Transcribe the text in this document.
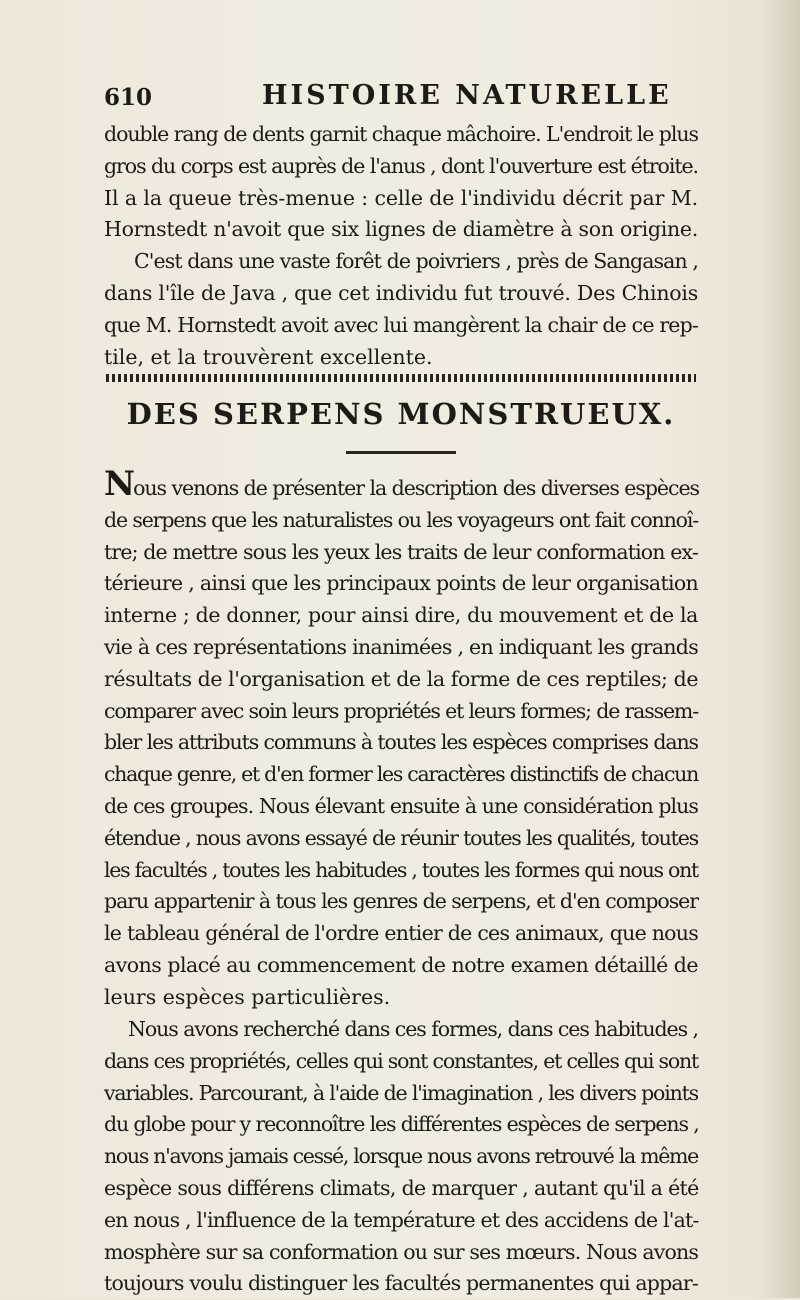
610	HISTOIRE NATURELLE

double rang de dents garnit chaque mâchoire. L'endroit le plus
gros du corps est auprès de l'anus , dont l'ouverture est étroite.
Il a la queue très-menue : celle de l'individu décrit par M.
Hornstedt n'avoit que six lignes de diamètre à son origine.
C'est dans une vaste forêt de poivriers , près de Sangasan ,
dans l'île de Java , que cet individu fut trouvé. Des Chinois
que M. Hornstedt avoit avec lui mangèrent la chair de ce rep-
tile, et la trouvèrent excellente.

DES SERPENS MONSTRUEUX.

Nous venons de présenter la description des diverses espèces
de serpens que les naturalistes ou les voyageurs ont fait connoî-
tre; de mettre sous les yeux les traits de leur conformation ex-
térieure , ainsi que les principaux points de leur organisation
interne ; de donner, pour ainsi dire, du mouvement et de la
vie à ces représentations inanimées , en indiquant les grands
résultats de l'organisation et de la forme de ces reptiles; de
comparer avec soin leurs propriétés et leurs formes; de rassem-
bler les attributs communs à toutes les espèces comprises dans
chaque genre, et d'en former les caractères distinctifs de chacun
de ces groupes. Nous élevant ensuite à une considération plus
étendue , nous avons essayé de réunir toutes les qualités, toutes
les facultés , toutes les habitudes , toutes les formes qui nous ont
paru appartenir à tous les genres de serpens, et d'en composer
le tableau général de l'ordre entier de ces animaux, que nous
avons placé au commencement de notre examen détaillé de
leurs espèces particulières.

Nous avons recherché dans ces formes, dans ces habitudes ,
dans ces propriétés, celles qui sont constantes, et celles qui sont
variables. Parcourant, à l'aide de l'imagination , les divers points
du globe pour y reconnoître les différentes espèces de serpens ,
nous n'avons jamais cessé, lorsque nous avons retrouvé la même
espèce sous différens climats, de marquer , autant qu'il a été
en nous , l'influence de la température et des accidens de l'at-
mosphère sur sa conformation ou sur ses mœurs. Nous avons
toujours voulu distinguer les facultés permanentes qui appar-
